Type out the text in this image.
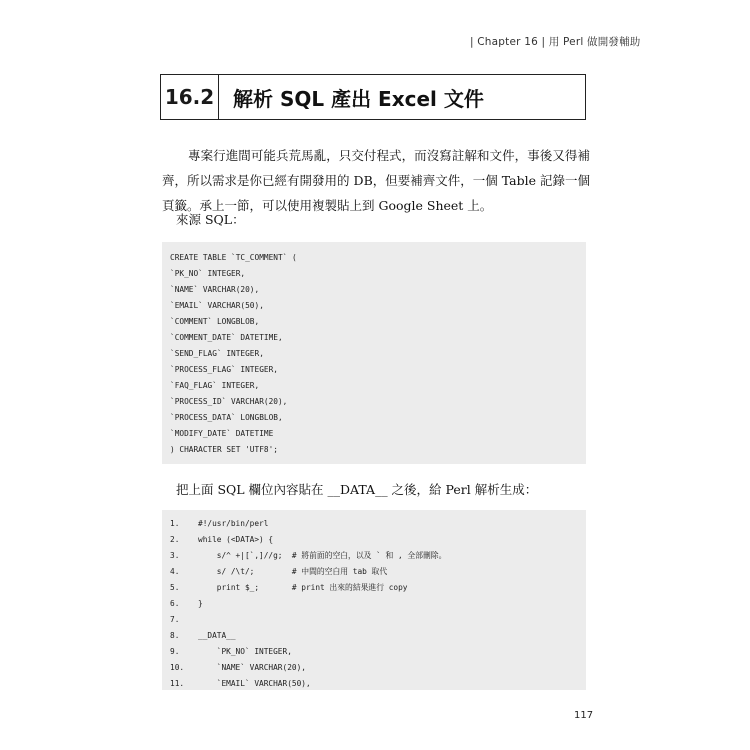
| Chapter 16 | 用 Perl 做開發輔助
16.2 解析 SQL 產出 Excel 文件
專案行進間可能兵荒馬亂，只交付程式，而沒寫註解和文件，事後又得補齊，所以需求是你已經有開發用的 DB，但要補齊文件，一個 Table 記錄一個頁籤。承上一節，可以使用複製貼上到 Google Sheet 上。
來源 SQL：
CREATE TABLE `TC_COMMENT` (
`PK_NO` INTEGER,
`NAME` VARCHAR(20),
`EMAIL` VARCHAR(50),
`COMMENT` LONGBLOB,
`COMMENT_DATE` DATETIME,
`SEND_FLAG` INTEGER,
`PROCESS_FLAG` INTEGER,
`FAQ_FLAG` INTEGER,
`PROCESS_ID` VARCHAR(20),
`PROCESS_DATA` LONGBLOB,
`MODIFY_DATE` DATETIME
) CHARACTER SET 'UTF8';
把上面 SQL 欄位內容貼在 __DATA__ 之後，給 Perl 解析生成：
1.	#!/usr/bin/perl
2.	while (<DATA>) {
3.	s/^ +|[`,]//g;  # 將前面的空白，以及 ` 和 , 全部刪除。
4.	s/ /\t/;        # 中間的空白用 tab 取代
5.	print $_;       # print 出來的結果進行 copy
6.	}
7.
8.	__DATA__
9.	`PK_NO` INTEGER,
10.	`NAME` VARCHAR(20),
11.	`EMAIL` VARCHAR(50),
117
